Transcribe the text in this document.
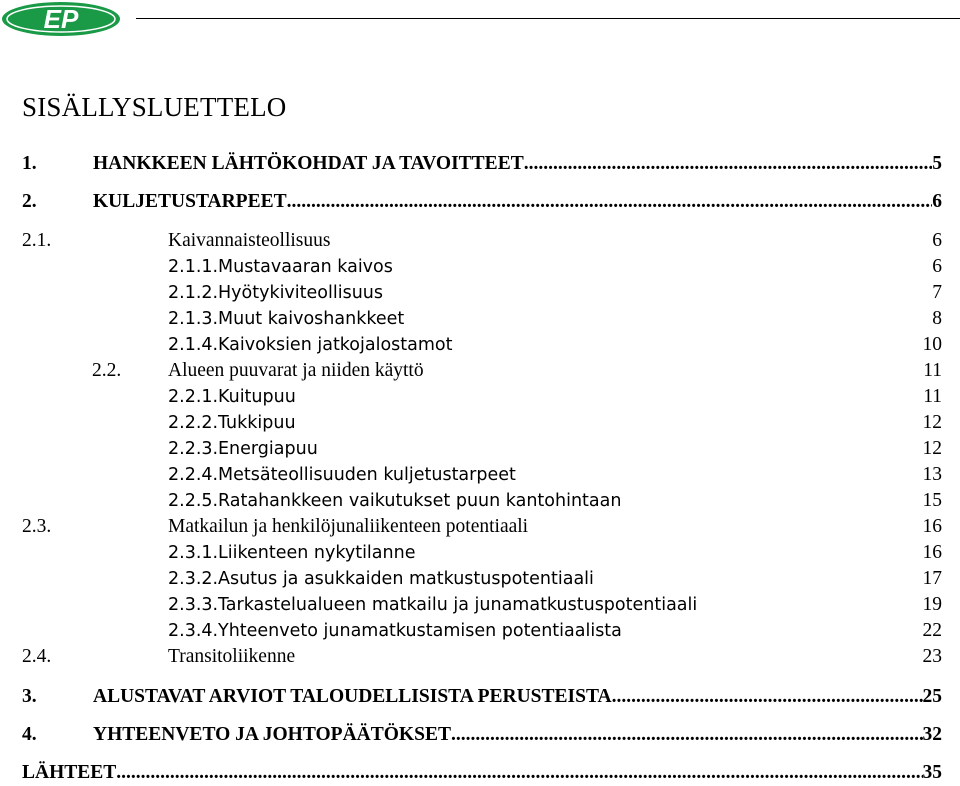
EP
SISÄLLYSLUETTELO
1.	HANKKEEN LÄHTÖKOHDAT JA TAVOITTEET .....	5
2.	KULJETUSTARPEET .....	6
2.1.	Kaivannaisteollisuus	6
2.1.1. Mustavaaran kaivos	6
2.1.2. Hyötykiviteollisuus	7
2.1.3. Muut kaivoshankkeet	8
2.1.4. Kaivoksien jatkojalostamot	10
2.2. Alueen puuvarat ja niiden käyttö	11
2.2.1. Kuitupuu	11
2.2.2. Tukkipuu	12
2.2.3. Energiapuu	12
2.2.4. Metsäteollisuuden kuljetustarpeet	13
2.2.5. Ratahankkeen vaikutukset puun kantohintaan	15
2.3.	Matkailun ja henkilöjunaliikenteen potentiaali	16
2.3.1. Liikenteen nykytilanne	16
2.3.2. Asutus ja asukkaiden matkustuspotentiaali	17
2.3.3. Tarkastelualueen matkailu ja junamatkustuspotentiaali	19
2.3.4. Yhteenveto junamatkustamisen potentiaalista	22
2.4.	Transitoliikenne	23
3.	ALUSTAVAT ARVIOT TALOUDELLISISTA PERUSTEISTA .....	25
4.	YHTEENVETO JA JOHTOPÄÄTÖKSET .....	32
LÄHTEET .....	35
